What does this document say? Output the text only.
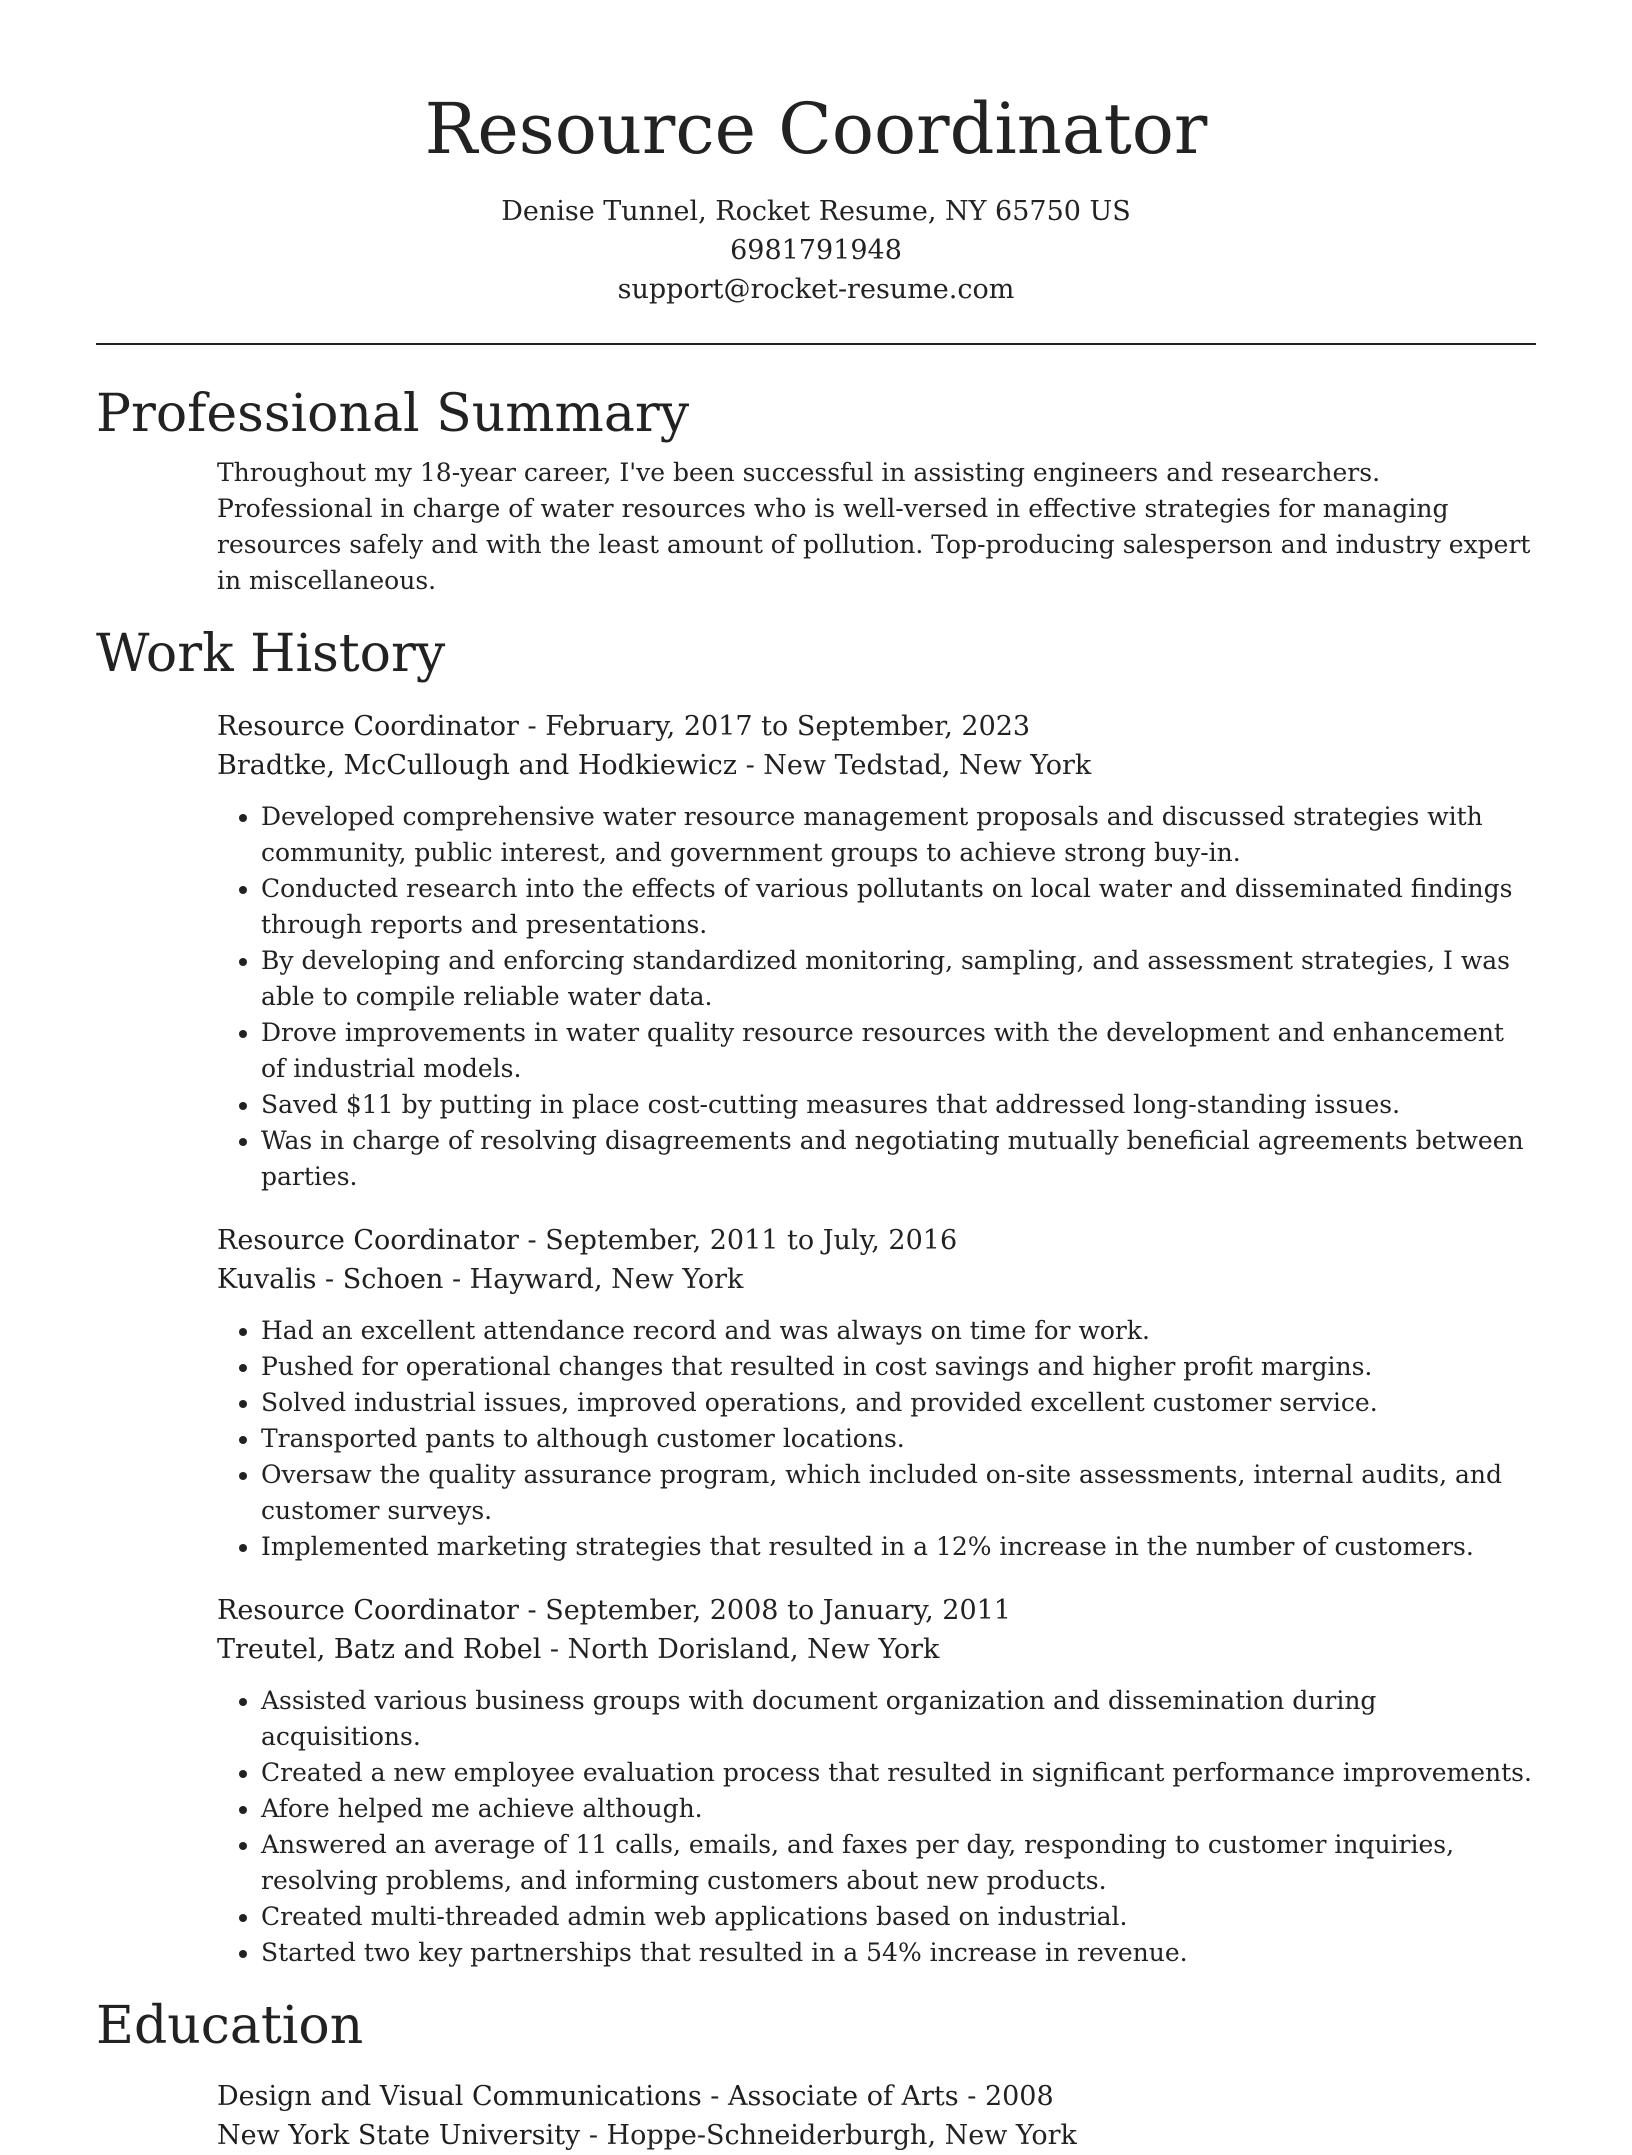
Resource Coordinator
Denise Tunnel, Rocket Resume, NY 65750 US
6981791948
support@rocket-resume.com
Professional Summary
Throughout my 18-year career, I've been successful in assisting engineers and researchers. Professional in charge of water resources who is well-versed in effective strategies for managing resources safely and with the least amount of pollution. Top-producing salesperson and industry expert in miscellaneous.
Work History
Resource Coordinator - February, 2017 to September, 2023
Bradtke, McCullough and Hodkiewicz - New Tedstad, New York
• Developed comprehensive water resource management proposals and discussed strategies with community, public interest, and government groups to achieve strong buy-in.
• Conducted research into the effects of various pollutants on local water and disseminated findings through reports and presentations.
• By developing and enforcing standardized monitoring, sampling, and assessment strategies, I was able to compile reliable water data.
• Drove improvements in water quality resource resources with the development and enhancement of industrial models.
• Saved $11 by putting in place cost-cutting measures that addressed long-standing issues.
• Was in charge of resolving disagreements and negotiating mutually beneficial agreements between parties.
Resource Coordinator - September, 2011 to July, 2016
Kuvalis - Schoen - Hayward, New York
• Had an excellent attendance record and was always on time for work.
• Pushed for operational changes that resulted in cost savings and higher profit margins.
• Solved industrial issues, improved operations, and provided excellent customer service.
• Transported pants to although customer locations.
• Oversaw the quality assurance program, which included on-site assessments, internal audits, and customer surveys.
• Implemented marketing strategies that resulted in a 12% increase in the number of customers.
Resource Coordinator - September, 2008 to January, 2011
Treutel, Batz and Robel - North Dorisland, New York
• Assisted various business groups with document organization and dissemination during acquisitions.
• Created a new employee evaluation process that resulted in significant performance improvements.
• Afore helped me achieve although.
• Answered an average of 11 calls, emails, and faxes per day, responding to customer inquiries, resolving problems, and informing customers about new products.
• Created multi-threaded admin web applications based on industrial.
• Started two key partnerships that resulted in a 54% increase in revenue.
Education
Design and Visual Communications - Associate of Arts - 2008
New York State University - Hoppe-Schneiderburgh, New York
